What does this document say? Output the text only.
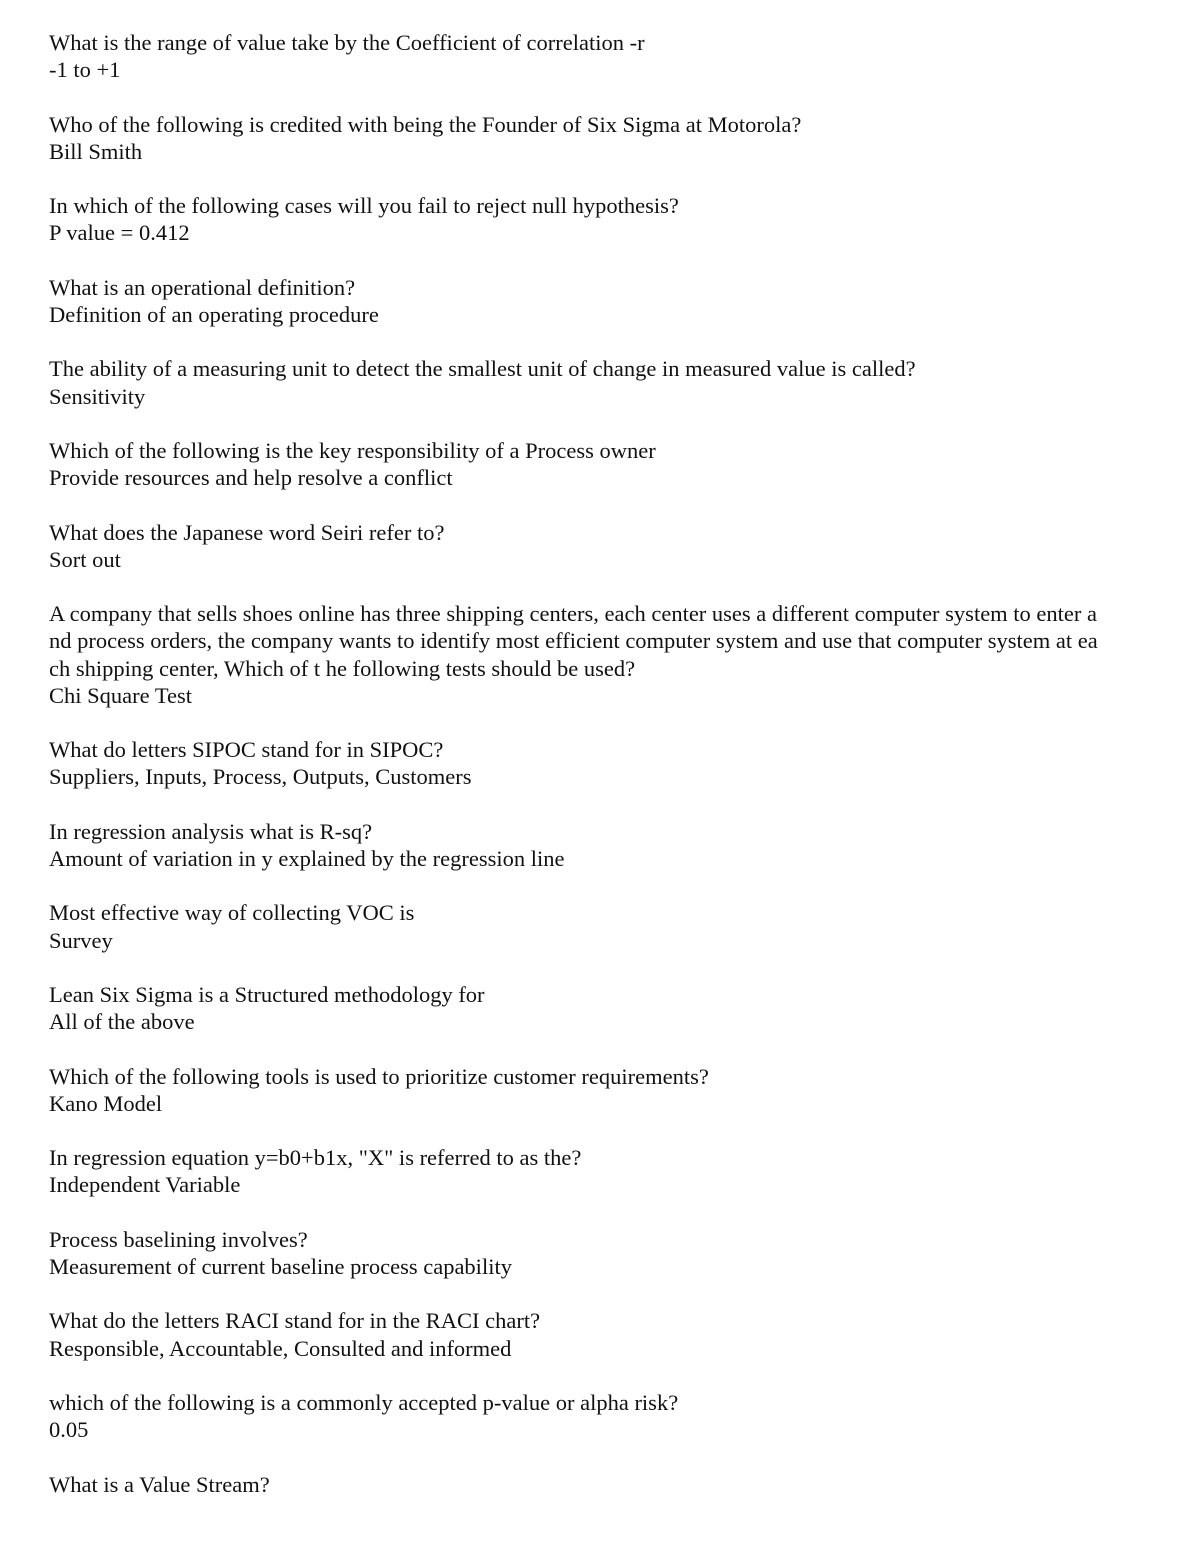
What is the range of value take by the Coefficient of correlation -r
-1 to +1
Who of the following is credited with being the Founder of Six Sigma at Motorola?
Bill Smith
In which of the following cases will you fail to reject null hypothesis?
P value = 0.412
What is an operational definition?
Definition of an operating procedure
The ability of a measuring unit to detect the smallest unit of change in measured value is called?
Sensitivity
Which of the following is the key responsibility of a Process owner
Provide resources and help resolve a conflict
What does the Japanese word Seiri refer to?
Sort out
A company that sells shoes online has three shipping centers, each center uses a different computer system to enter a
nd process orders, the company wants to identify most efficient computer system and use that computer system at ea
ch shipping center, Which of t he following tests should be used?
Chi Square Test
What do letters SIPOC stand for in SIPOC?
Suppliers, Inputs, Process, Outputs, Customers
In regression analysis what is R-sq?
Amount of variation in y explained by the regression line
Most effective way of collecting VOC is
Survey
Lean Six Sigma is a Structured methodology for
All of the above
Which of the following tools is used to prioritize customer requirements?
Kano Model
In regression equation y=b0+b1x, "X" is referred to as the?
Independent Variable
Process baselining involves?
Measurement of current baseline process capability
What do the letters RACI stand for in the RACI chart?
Responsible, Accountable, Consulted and informed
which of the following is a commonly accepted p-value or alpha risk?
0.05
What is a Value Stream?
